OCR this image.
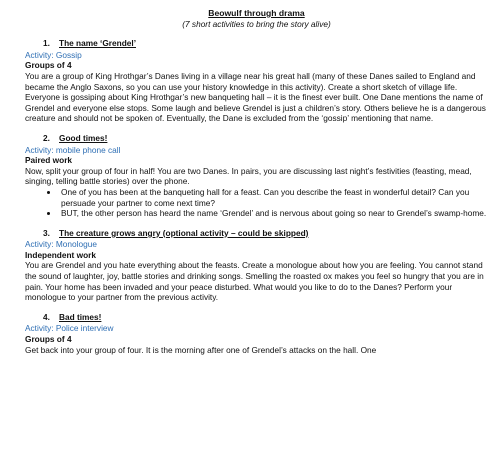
Beowulf through drama
(7 short activities to bring the story alive)
1. The name ‘Grendel’
Activity: Gossip
Groups of 4

You are a group of King Hrothgar’s Danes living in a village near his great hall (many of these Danes sailed to England and became the Anglo Saxons, so you can use your history knowledge in this activity). Create a short sketch of village life. Everyone is gossiping about King Hrothgar’s new banqueting hall – it is the finest ever built. One Dane mentions the name of Grendel and everyone else stops. Some laugh and believe Grendel is just a children’s story. Others believe he is a dangerous creature and should not be spoken of. Eventually, the Dane is excluded from the ‘gossip’ mentioning that name.

2. Good times!
Activity: mobile phone call
Paired work

Now, split your group of four in half! You are two Danes. In pairs, you are discussing last night’s festivities (feasting, mead, singing, telling battle stories) over the phone.

• One of you has been at the banqueting hall for a feast. Can you describe the feast in wonderful detail? Can you persuade your partner to come next time?
• BUT, the other person has heard the name ‘Grendel’ and is nervous about going so near to Grendel’s swamp-home.
3. The creature grows angry (optional activity – could be skipped)
Activity: Monologue
Independent work

You are Grendel and you hate everything about the feasts. Create a monologue about how you are feeling. You cannot stand the sound of laughter, joy, battle stories and drinking songs. Smelling the roasted ox makes you feel so hungry that you are in pain. Your home has been invaded and your peace disturbed. What would you like to do to the Danes? Perform your monologue to your partner from the previous activity.

4. Bad times!
Activity: Police interview
Groups of 4

Get back into your group of four. It is the morning after one of Grendel’s attacks on the hall. One
